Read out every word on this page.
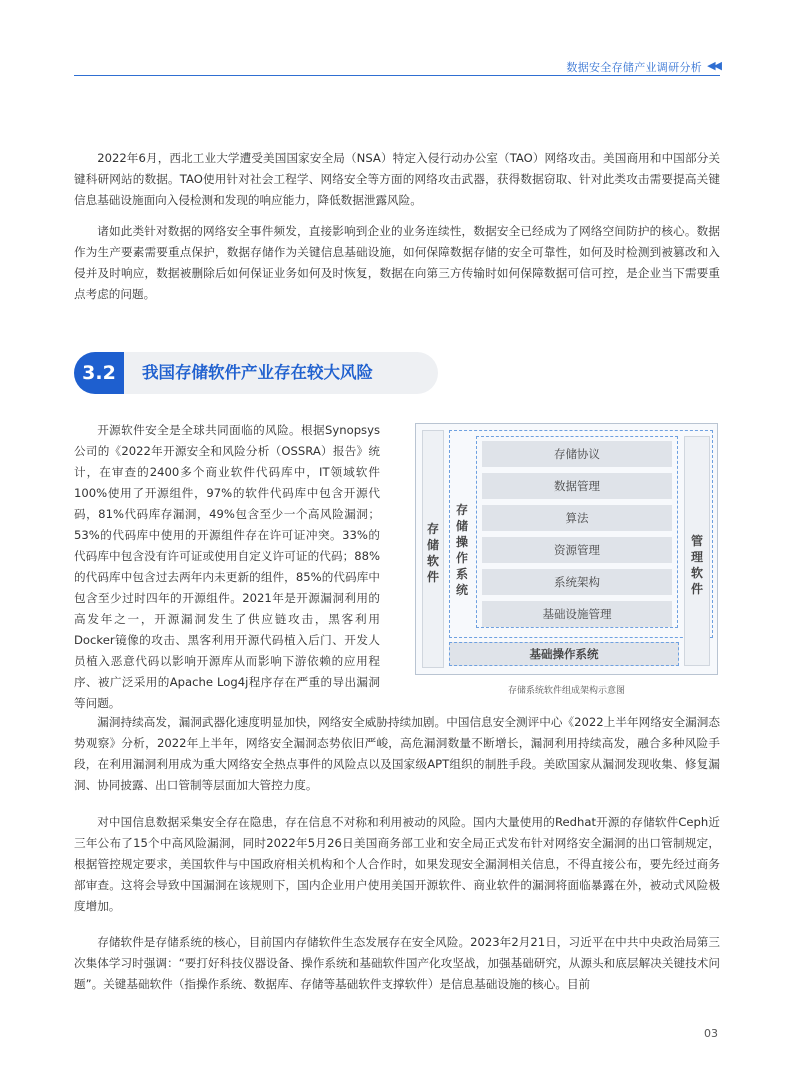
数据安全存储产业调研分析 ◀◀

2022年6月，西北工业大学遭受美国国家安全局（NSA）特定入侵行动办公室（TAO）网络攻击。美国商用和中国部分关键科研网站的数据。TAO使用针对社会工程学、网络安全等方面的网络攻击武器，获得数据窃取、针对此类攻击需要提高关键信息基础设施面向入侵检测和发现的响应能力，降低数据泄露风险。

诸如此类针对数据的网络安全事件频发，直接影响到企业的业务连续性，数据安全已经成为了网络空间防护的核心。数据作为生产要素需要重点保护，数据存储作为关键信息基础设施，如何保障数据存储的安全可靠性，如何及时检测到被篡改和入侵并及时响应，数据被删除后如何保证业务如何及时恢复，数据在向第三方传输时如何保障数据可信可控，是企业当下需要重点考虑的问题。

3.2	我国存储软件产业存在较大风险

开源软件安全是全球共同面临的风险。根据Synopsys公司的《2022年开源安全和风险分析（OSSRA）报告》统计，在审查的2400多个商业软件代码库中，IT领域软件100%使用了开源组件，97%的软件代码库中包含开源代码，81%代码库存漏洞，49%包含至少一个高风险漏洞；53%的代码库中使用的开源组件存在许可证冲突。33%的代码库中包含没有许可证或使用自定义许可证的代码；88%的代码库中包含过去两年内未更新的组件，85%的代码库中包含至少过时四年的开源组件。2021年是开源漏洞利用的高发年之一，开源漏洞发生了供应链攻击，黑客利用Docker镜像的攻击、黑客利用开源代码植入后门、开发人员植入恶意代码以影响开源库从而影响下游依赖的应用程序、被广泛采用的Apache Log4j程序存在严重的导出漏洞等问题。

存储软件
存储操作系统
存储协议
数据管理
算法
资源管理
系统架构
基础设施管理
管理软件
基础操作系统
存储系统软件组成架构示意图

漏洞持续高发，漏洞武器化速度明显加快，网络安全威胁持续加剧。中国信息安全测评中心《2022上半年网络安全漏洞态势观察》分析，2022年上半年，网络安全漏洞态势依旧严峻，高危漏洞数量不断增长，漏洞利用持续高发，融合多种风险手段，在利用漏洞利用成为重大网络安全热点事件的风险点以及国家级APT组织的制胜手段。美欧国家从漏洞发现收集、修复漏洞、协同披露、出口管制等层面加大管控力度。

对中国信息数据采集安全存在隐患，存在信息不对称和利用被动的风险。国内大量使用的Redhat开源的存储软件Ceph近三年公布了15个中高风险漏洞，同时2022年5月26日美国商务部工业和安全局正式发布针对网络安全漏洞的出口管制规定，根据管控规定要求，美国软件与中国政府相关机构和个人合作时，如果发现安全漏洞相关信息，不得直接公布，要先经过商务部审查。这将会导致中国漏洞在该规则下，国内企业用户使用美国开源软件、商业软件的漏洞将面临暴露在外，被动式风险极度增加。

存储软件是存储系统的核心，目前国内存储软件生态发展存在安全风险。2023年2月21日，习近平在中共中央政治局第三次集体学习时强调：“要打好科技仪器设备、操作系统和基础软件国产化攻坚战，加强基础研究，从源头和底层解决关键技术问题”。关键基础软件（指操作系统、数据库、存储等基础软件支撑软件）是信息基础设施的核心。目前

03
